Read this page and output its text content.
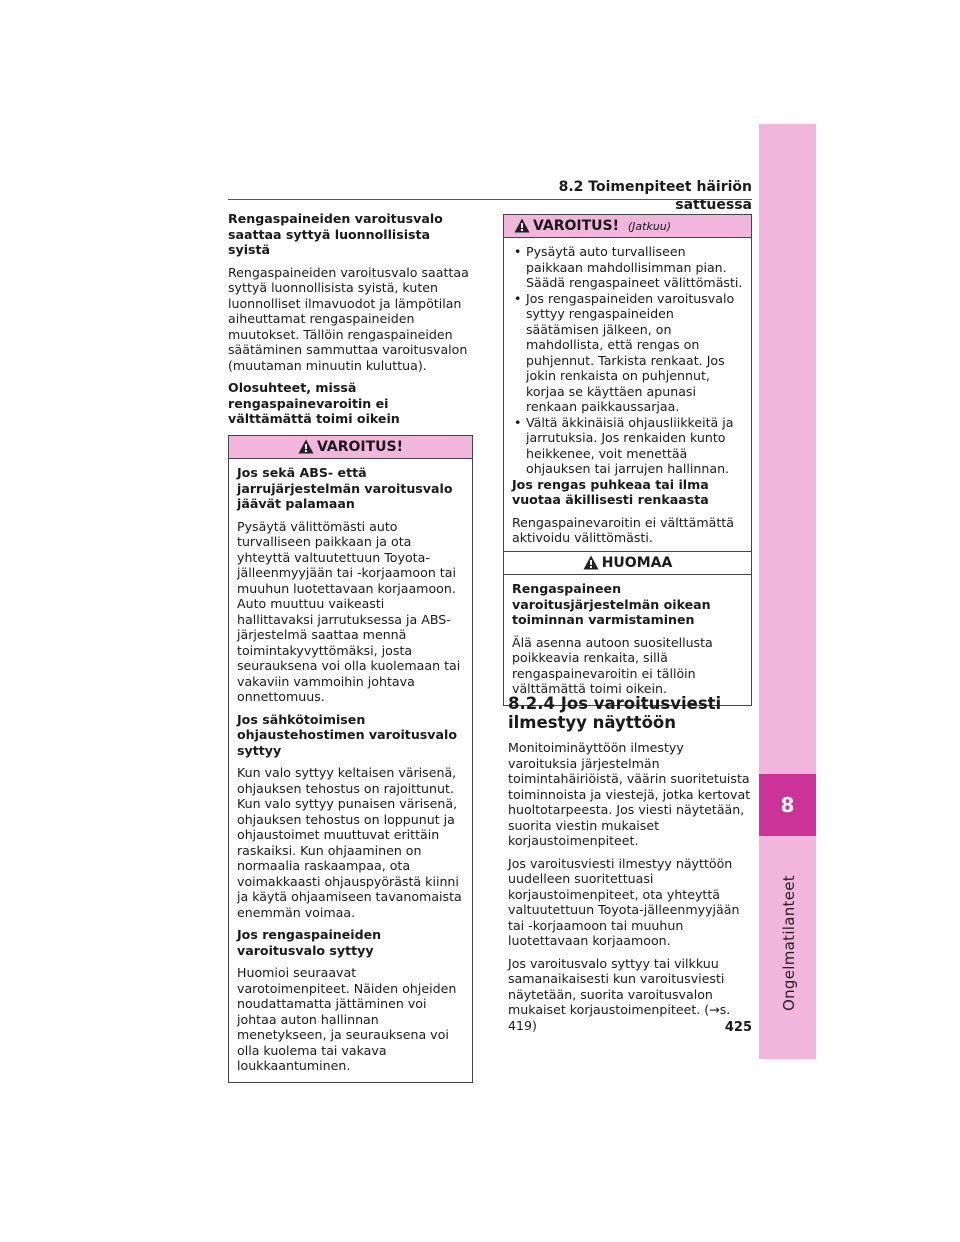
8.2 Toimenpiteet häiriön sattuessa
8
Ongelmatilanteet
425

Rengaspaineiden varoitusvalo saattaa syttyä luonnollisista syistä

Rengaspaineiden varoitusvalo saattaa syttyä luonnollisista syistä, kuten luonnolliset ilmavuodot ja lämpötilan aiheuttamat rengaspaineiden muutokset. Tällöin rengaspaineiden säätäminen sammuttaa varoitusvalon (muutaman minuutin kuluttua).

Olosuhteet, missä rengaspainevaroitin ei välttämättä toimi oikein

VAROITUS!

Jos sekä ABS- että jarrujärjestelmän varoitusvalo jäävät palamaan

Pysäytä välittömästi auto turvalliseen paikkaan ja ota yhteyttä valtuutettuun Toyota-jälleenmyyjään tai -korjaamoon tai muuhun luotettavaan korjaamoon. Auto muuttuu vaikeasti hallittavaksi jarrutuksessa ja ABS-järjestelmä saattaa mennä toimintakyvyttömäksi, josta seurauksena voi olla kuolemaan tai vakaviin vammoihin johtava onnettomuus.

Jos sähkötoimisen ohjaustehostimen varoitusvalo syttyy

Kun valo syttyy keltaisen värisenä, ohjauksen tehostus on rajoittunut. Kun valo syttyy punaisen värisenä, ohjauksen tehostus on loppunut ja ohjaustoimet muuttuvat erittäin raskaiksi. Kun ohjaaminen on normaalia raskaampaa, ota voimakkaasti ohjauspyörästä kiinni ja käytä ohjaamiseen tavanomaista enemmän voimaa.

Jos rengaspaineiden varoitusvalo syttyy

Huomioi seuraavat varotoimenpiteet. Näiden ohjeiden noudattamatta jättäminen voi johtaa auton hallinnan menetykseen, ja seurauksena voi olla kuolema tai vakava loukkaantuminen.

VAROITUS! (Jatkuu)
• Pysäytä auto turvalliseen paikkaan mahdollisimman pian. Säädä rengaspaineet välittömästi.
• Jos rengaspaineiden varoitusvalo syttyy rengaspaineiden säätämisen jälkeen, on mahdollista, että rengas on puhjennut. Tarkista renkaat. Jos jokin renkaista on puhjennut, korjaa se käyttäen apunasi renkaan paikkaussarjaa.
• Vältä äkkinäisiä ohjausliikkeitä ja jarrutuksia. Jos renkaiden kunto heikkenee, voit menettää ohjauksen tai jarrujen hallinnan.

Jos rengas puhkeaa tai ilma vuotaa äkillisesti renkaasta

Rengaspainevaroitin ei välttämättä aktivoidu välittömästi.

HUOMAA

Rengaspaineen varoitusjärjestelmän oikean toiminnan varmistaminen

Älä asenna autoon suositellusta poikkeavia renkaita, sillä rengaspainevaroitin ei tällöin välttämättä toimi oikein.

8.2.4 Jos varoitusviesti ilmestyy näyttöön

Monitoiminäyttöön ilmestyy varoituksia järjestelmän toimintahäiriöistä, väärin suoritetuista toiminnoista ja viestejä, jotka kertovat huoltotarpeesta. Jos viesti näytetään, suorita viestin mukaiset korjaustoimenpiteet.

Jos varoitusviesti ilmestyy näyttöön uudelleen suoritettuasi korjaustoimenpiteet, ota yhteyttä valtuutettuun Toyota-jälleenmyyjään tai -korjaamoon tai muuhun luotettavaan korjaamoon.

Jos varoitusvalo syttyy tai vilkkuu samanaikaisesti kun varoitusviesti näytetään, suorita varoitusvalon mukaiset korjaustoimenpiteet. (→s. 419)
